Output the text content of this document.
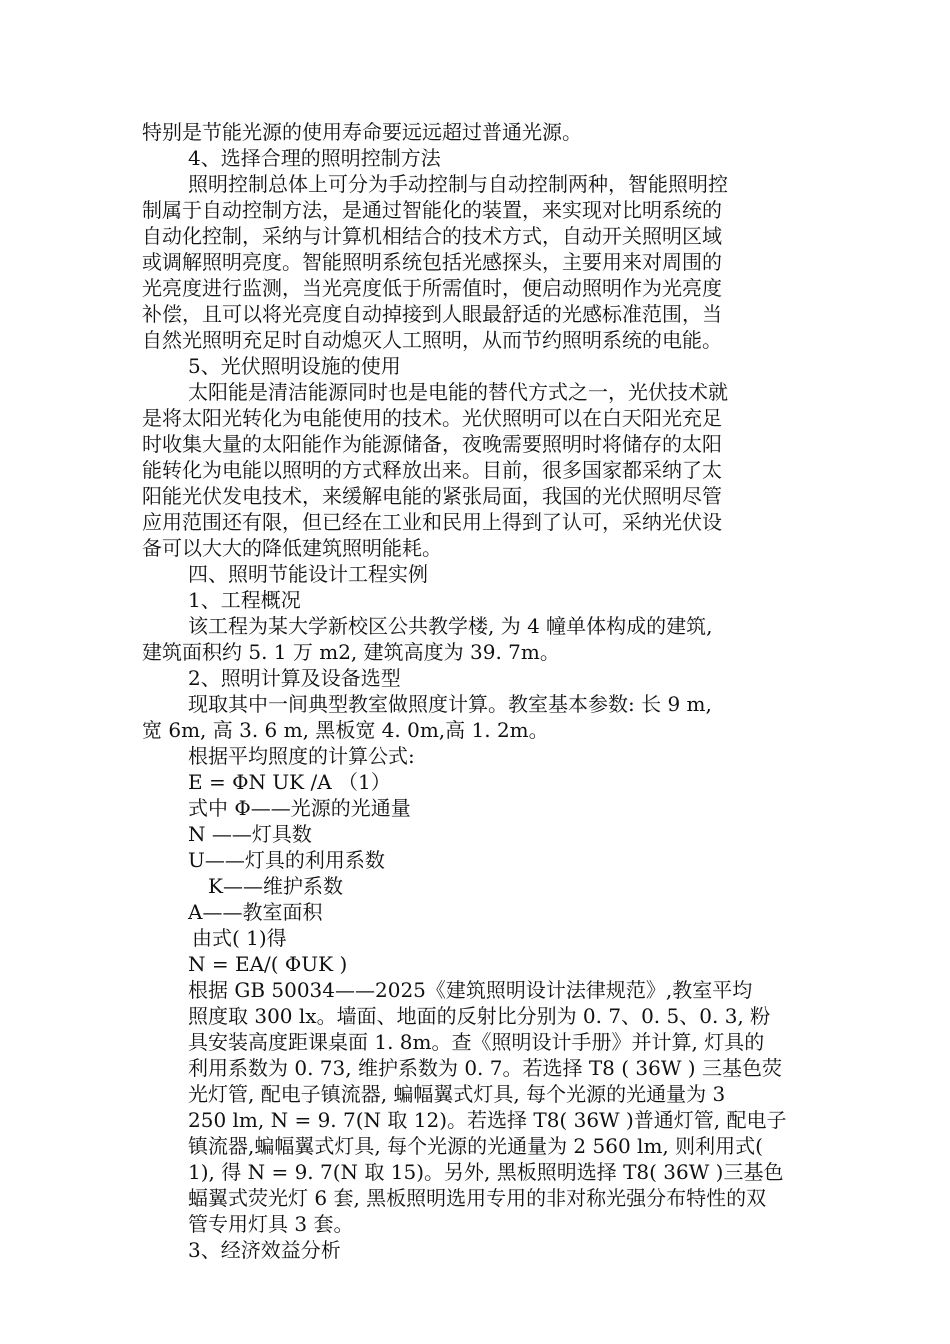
特别是节能光源的使用寿命要远远超过普通光源。
4、选择合理的照明控制方法
照明控制总体上可分为手动控制与自动控制两种，智能照明控
制属于自动控制方法，是通过智能化的装置，来实现对比明系统的
自动化控制，采纳与计算机相结合的技术方式，自动开关照明区域
或调解照明亮度。智能照明系统包括光感探头，主要用来对周围的
光亮度进行监测，当光亮度低于所需值时，便启动照明作为光亮度
补偿，且可以将光亮度自动掉接到人眼最舒适的光感标准范围，当
自然光照明充足时自动熄灭人工照明，从而节约照明系统的电能。
5、光伏照明设施的使用
太阳能是清洁能源同时也是电能的替代方式之一，光伏技术就
是将太阳光转化为电能使用的技术。光伏照明可以在白天阳光充足
时收集大量的太阳能作为能源储备，夜晚需要照明时将储存的太阳
能转化为电能以照明的方式释放出来。目前，很多国家都采纳了太
阳能光伏发电技术，来缓解电能的紧张局面，我国的光伏照明尽管
应用范围还有限，但已经在工业和民用上得到了认可，采纳光伏设
备可以大大的降低建筑照明能耗。
四、照明节能设计工程实例
1、工程概况
该工程为某大学新校区公共教学楼, 为 4 幢单体构成的建筑,
建筑面积约 5. 1 万 m2, 建筑高度为 39. 7m。
2、照明计算及设备选型
现取其中一间典型教室做照度计算。教室基本参数: 长 9 m,
宽 6m, 高 3. 6 m, 黑板宽 4. 0m,高 1. 2m。
根据平均照度的计算公式:
E = ΦN UK /A （1）
式中 Φ——光源的光通量
N ——灯具数
U——灯具的利用系数
K——维护系数
A——教室面积
由式( 1)得
N = EA/( ΦUK )
根据 GB 50034——2025《建筑照明设计法律规范》,教室平均
照度取 300 lx。墙面、地面的反射比分别为 0. 7、0. 5、0. 3, 粉
具安装高度距课桌面 1. 8m。查《照明设计手册》并计算, 灯具的
利用系数为 0. 73, 维护系数为 0. 7。若选择 T8 ( 36W ) 三基色荧
光灯管, 配电子镇流器, 蝙幅翼式灯具, 每个光源的光通量为 3
250 lm, N = 9. 7(N 取 12)。若选择 T8( 36W )普通灯管, 配电子
镇流器,蝙幅翼式灯具, 每个光源的光通量为 2 560 lm, 则利用式(
1), 得 N = 9. 7(N 取 15)。另外, 黑板照明选择 T8( 36W )三基色
蝠翼式荧光灯 6 套, 黑板照明选用专用的非对称光强分布特性的双
管专用灯具 3 套。
3、经济效益分析
